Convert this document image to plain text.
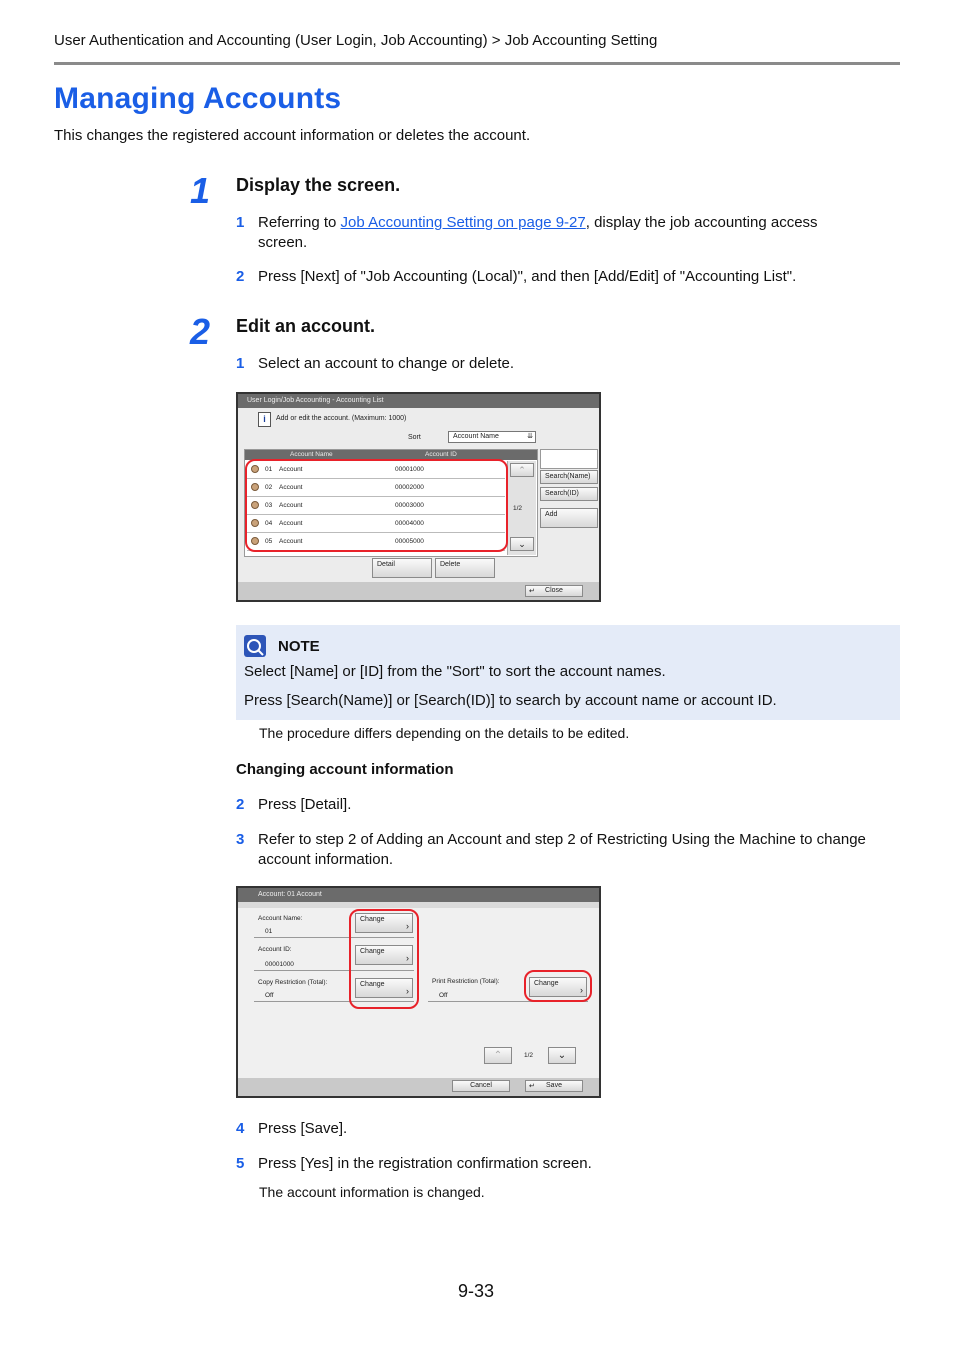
User Authentication and Accounting (User Login, Job Accounting) > Job Accounting Setting
Managing Accounts
This changes the registered account information or deletes the account.
1 Display the screen.
1 Referring to Job Accounting Setting on page 9-27, display the job accounting access screen.
2 Press [Next] of "Job Accounting (Local)", and then [Add/Edit] of "Accounting List".
2 Edit an account.
1 Select an account to change or delete.
User Login/Job Accounting - Accounting List
i	Add or edit the account. (Maximum: 1000)
Sort	Account Name	⇊
Account Name	Account ID
01 Account	00001000
02 Account	00002000
03 Account	00003000
04 Account	00004000
05 Account	00005000
⌃
1/2
⌄
Search(Name)
Search(ID)
Add
Detail	Delete
↵ Close
NOTE
Select [Name] or [ID] from the "Sort" to sort the account names.
Press [Search(Name)] or [Search(ID)] to search by account name or account ID.
The procedure differs depending on the details to be edited.
Changing account information
2 Press [Detail].
3 Refer to step 2 of Adding an Account and step 2 of Restricting Using the Machine to change account information.
Account: 01 Account
Account Name:
01
Change
›
Account ID:
00001000
Change
›
Copy Restriction (Total):
Off
Change
›
Print Restriction (Total):
Off
Change
›
⌃	1/2	⌄
Cancel	↵ Save
4 Press [Save].
5 Press [Yes] in the registration confirmation screen.
The account information is changed.
9-33
